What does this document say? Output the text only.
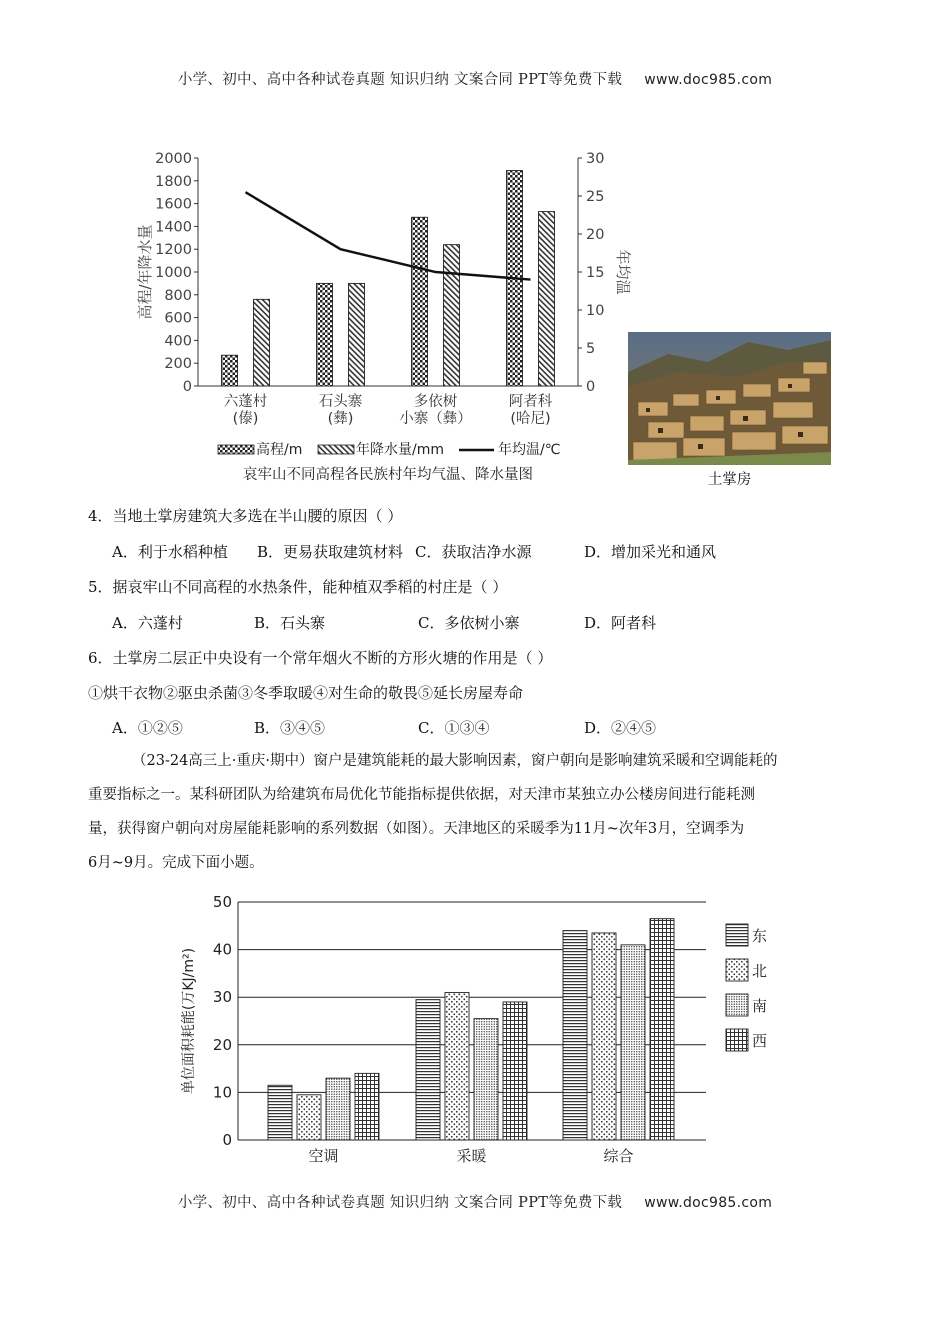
小学、初中、高中各种试卷真题 知识归纳 文案合同 PPT等免费下载 www.doc985.com
0
200
400
600
800
1000
1200
1400
1600
1800
2000
0
5
10
15
20
25
30
高程/年降水量	年均温
六蓬村
(傣)
石头寨
(彝)
多依树
小寨（彝）
阿者科
(哈尼)
高程/m	年降水量/mm	年均温/℃
哀牢山不同高程各民族村年均气温、降水量图	土掌房
4．当地土掌房建筑大多选在半山腰的原因（ ）
A．利于水稻种植 B．更易获取建筑材料 C．获取洁净水源	D．增加采光和通风
5．据哀牢山不同高程的水热条件，能种植双季稻的村庄是（ ）
A．六蓬村	B．石头寨	C．多依树小寨	D．阿者科
6．土掌房二层正中央设有一个常年烟火不断的方形火塘的作用是（ ）
①烘干衣物②驱虫杀菌③冬季取暖④对生命的敬畏⑤延长房屋寿命
A．①②⑤	B．③④⑤	C．①③④	D．②④⑤
（23-24高三上·重庆·期中）窗户是建筑能耗的最大影响因素，窗户朝向是影响建筑采暖和空调能耗的
重要指标之一。某科研团队为给建筑布局优化节能指标提供依据，对天津市某独立办公楼房间进行能耗测
量，获得窗户朝向对房屋能耗影响的系列数据（如图）。天津地区的采暖季为11月~次年3月，空调季为
6月~9月。完成下面小题。
0
10
20
30
40
50
单位面积耗能(万KJ/m²)
空调	采暖	综合
东
北
南
西
小学、初中、高中各种试卷真题 知识归纳 文案合同 PPT等免费下载 www.doc985.com
